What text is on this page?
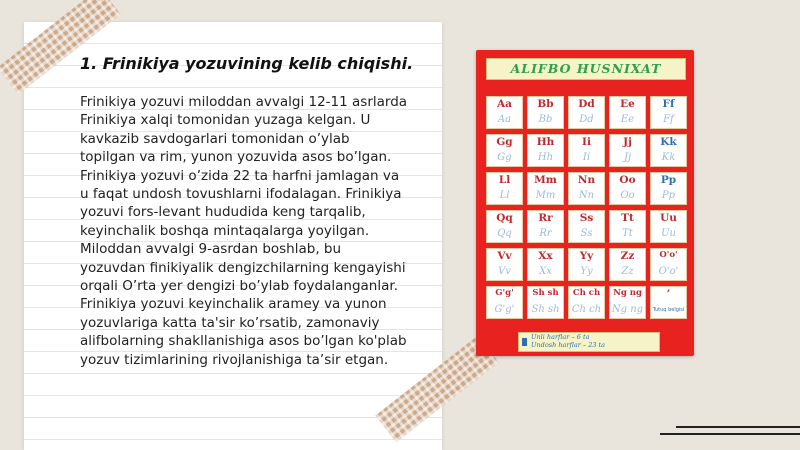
1. Frinikiya yozuvining kelib chiqishi.

Frinikiya yozuvi miloddan avvalgi 12-11 asrlarda Frinikiya xalqi tomonidan yuzaga kelgan. U kavkazib savdogarlari tomonidan o’ylab topilgan va rim, yunon yozuvida asos bo’lgan. Frinikiya yozuvi o’zida 22 ta harfni jamlagan va u faqat undosh tovushlarni ifodalagan. Frinikiya yozuvi fors-levant hududida keng tarqalib, keyinchalik boshqa mintaqalarga yoyilgan. Miloddan avvalgi 9-asrdan boshlab, bu yozuvdan finikiyalik dengizchilarning kengayishi orqali O’rta yer dengizi bo’ylab foydalanganlar. Frinikiya yozuvi keyinchalik aramey va yunon yozuvlariga katta ta'sir ko’rsatib, zamonaviy alifbolarning shakllanishiga asos bo’lgan ko'plab yozuv tizimlarining rivojlanishiga ta’sir etgan.

ALIFBO HUSNIXAT
Aa
Aa
Bb
Bb
Dd
Dd
Ee
Ee
Ff
Ff
Gg
Gg
Hh
Hh
Ii
Ii
Jj
Jj
Kk
Kk
Ll
Ll
Mm
Mm
Nn
Nn
Oo
Oo
Pp
Pp
Qq
Qq
Rr
Rr
Ss
Ss
Tt
Tt
Uu
Uu
Vv
Vv
Xx
Xx
Yy
Yy
Zz
Zz
O'o'
O'o'
G'g'
G'g'
Sh sh
Sh sh
Ch ch
Ch ch
Ng ng
Ng ng
’
Tutuq belgisi
Unli harflar – 6 ta
Undosh harflar – 23 ta
